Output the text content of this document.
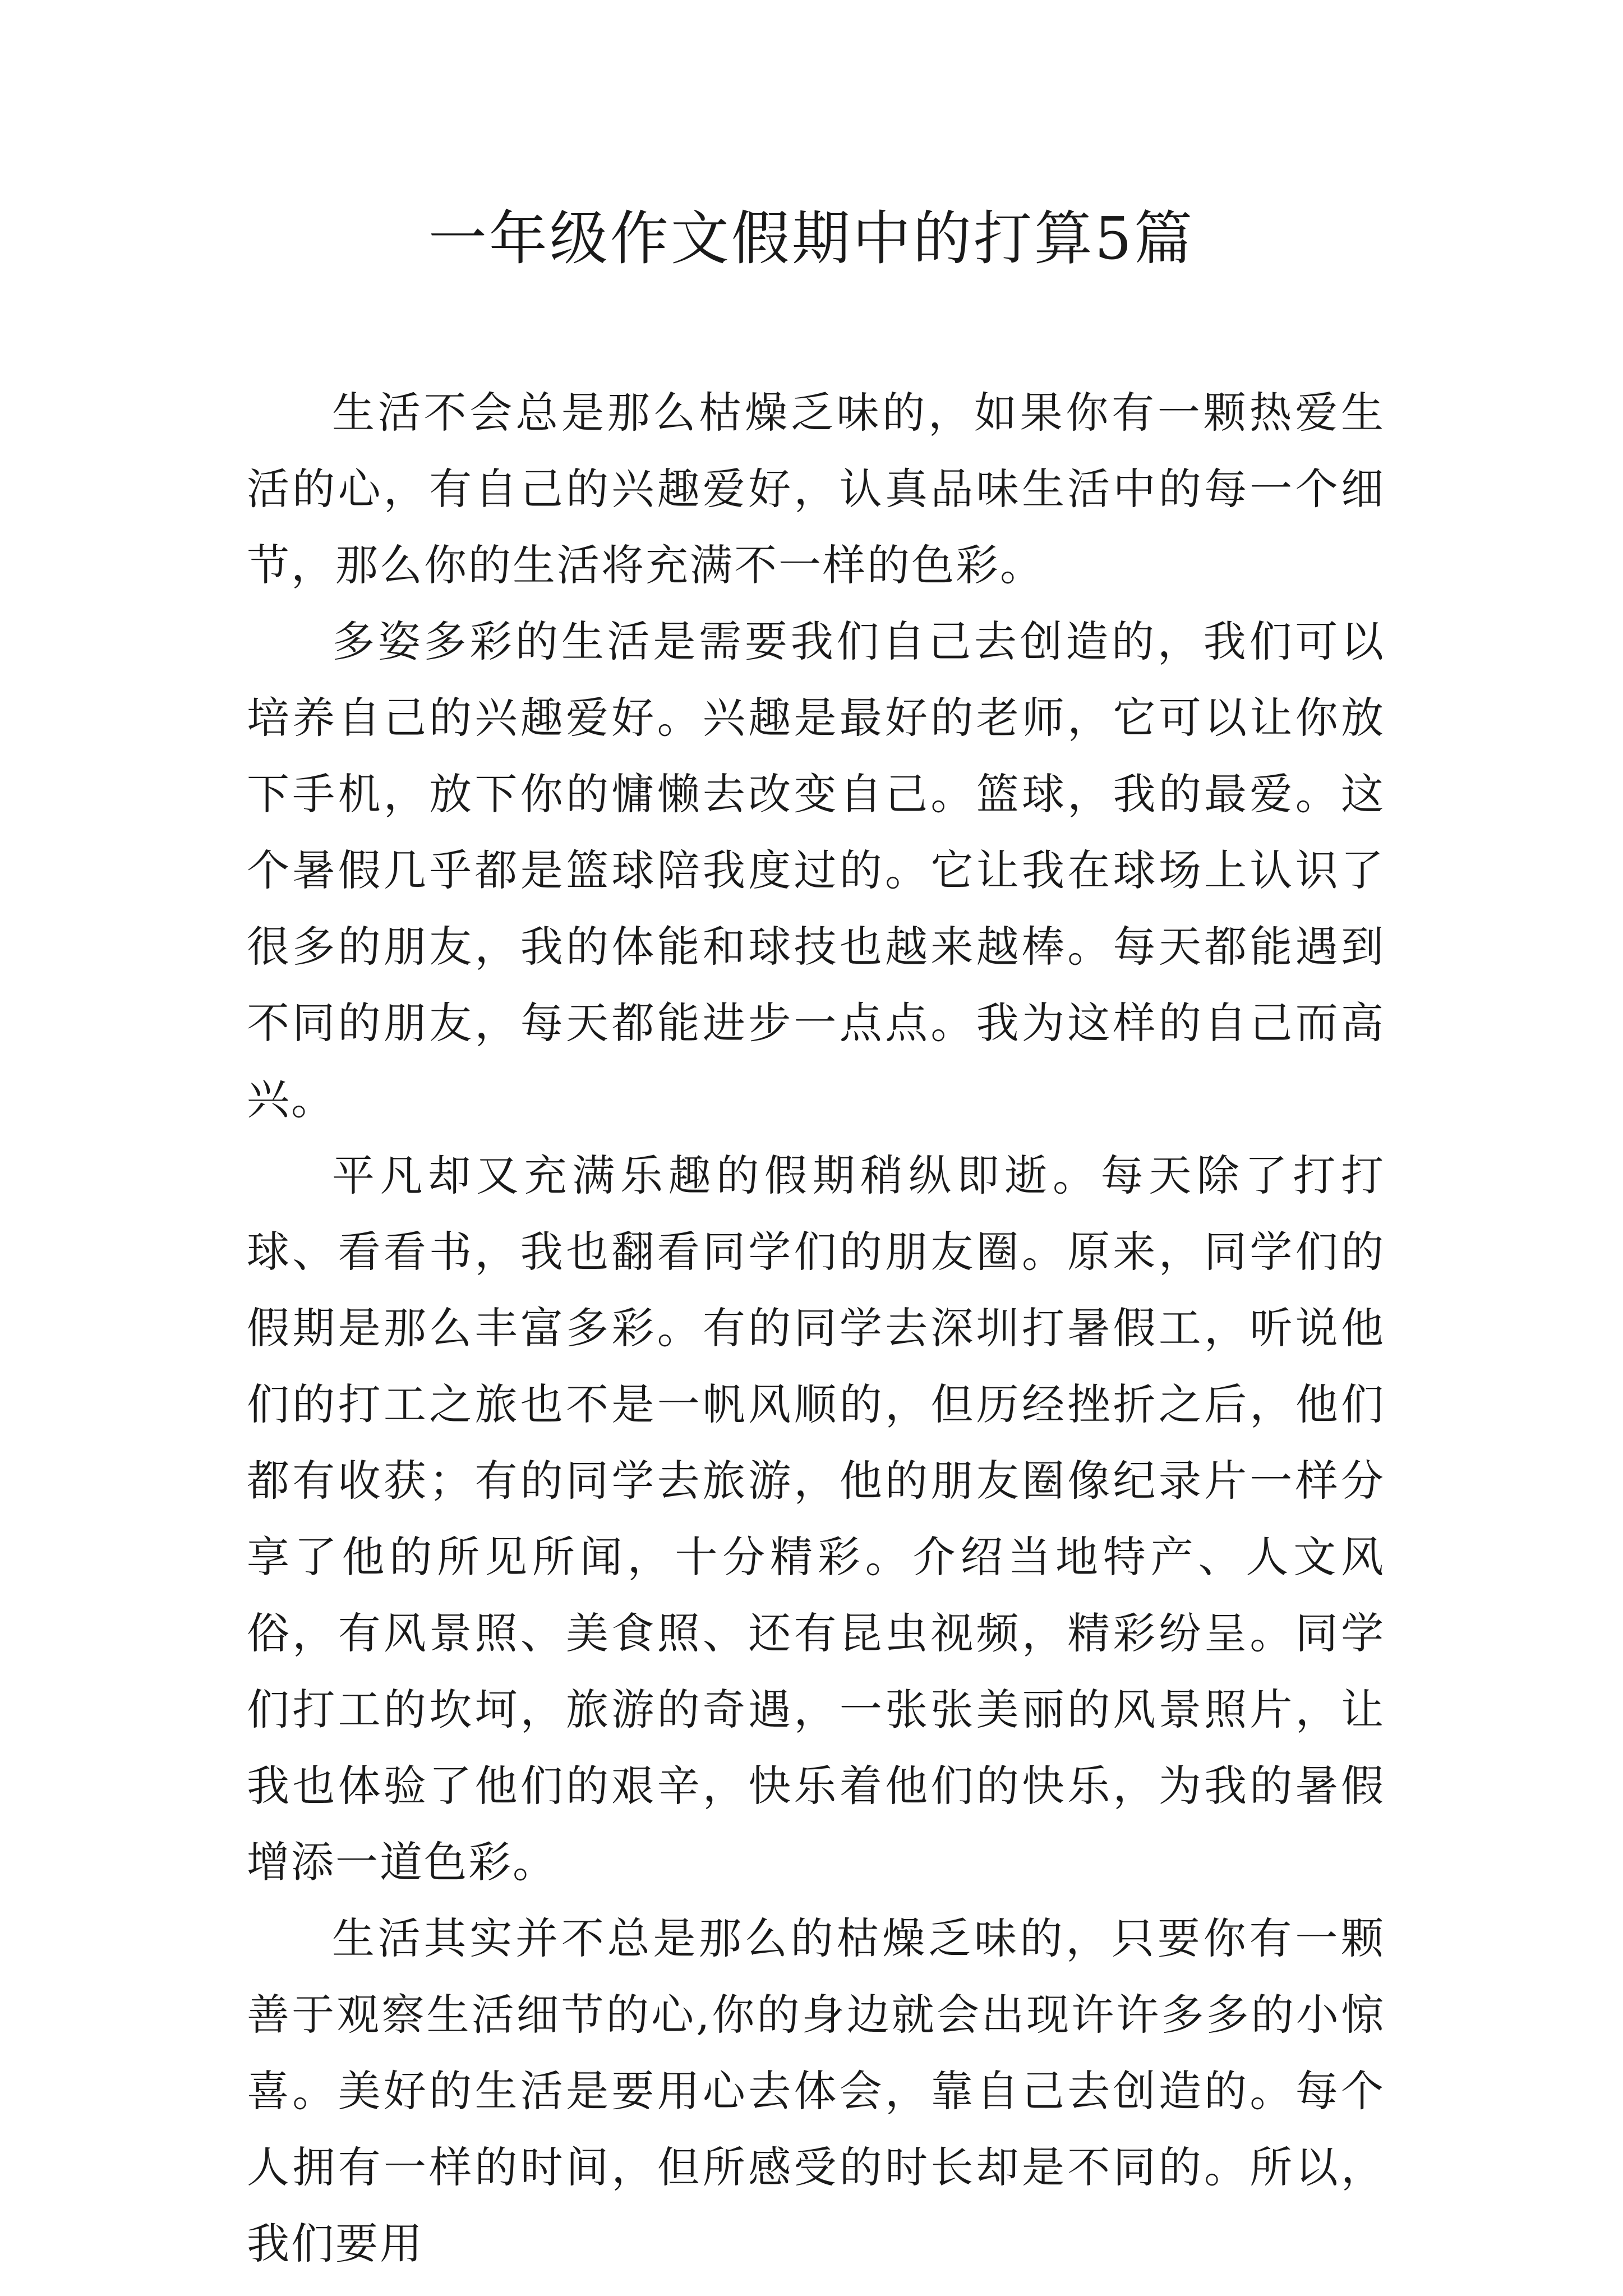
一年级作文假期中的打算5篇

生活不会总是那么枯燥乏味的，如果你有一颗热爱生活的心，有自己的兴趣爱好，认真品味生活中的每一个细节，那么你的生活将充满不一样的色彩。

多姿多彩的生活是需要我们自己去创造的，我们可以培养自己的兴趣爱好。兴趣是最好的老师，它可以让你放下手机，放下你的慵懒去改变自己。篮球，我的最爱。这个暑假几乎都是篮球陪我度过的。它让我在球场上认识了很多的朋友，我的体能和球技也越来越棒。每天都能遇到不同的朋友，每天都能进步一点点。我为这样的自己而高兴。

平凡却又充满乐趣的假期稍纵即逝。每天除了打打球、看看书，我也翻看同学们的朋友圈。原来，同学们的假期是那么丰富多彩。有的同学去深圳打暑假工，听说他们的打工之旅也不是一帆风顺的，但历经挫折之后，他们都有收获；有的同学去旅游，他的朋友圈像纪录片一样分享了他的所见所闻，十分精彩。介绍当地特产、人文风俗，有风景照、美食照、还有昆虫视频，精彩纷呈。同学们打工的坎坷，旅游的奇遇，一张张美丽的风景照片，让我也体验了他们的艰辛，快乐着他们的快乐，为我的暑假增添一道色彩。

生活其实并不总是那么的枯燥乏味的，只要你有一颗善于观察生活细节的心,你的身边就会出现许许多多的小惊喜。美好的生活是要用心去体会，靠自己去创造的。每个人拥有一样的时间，但所感受的时长却是不同的。所以，我们要用
